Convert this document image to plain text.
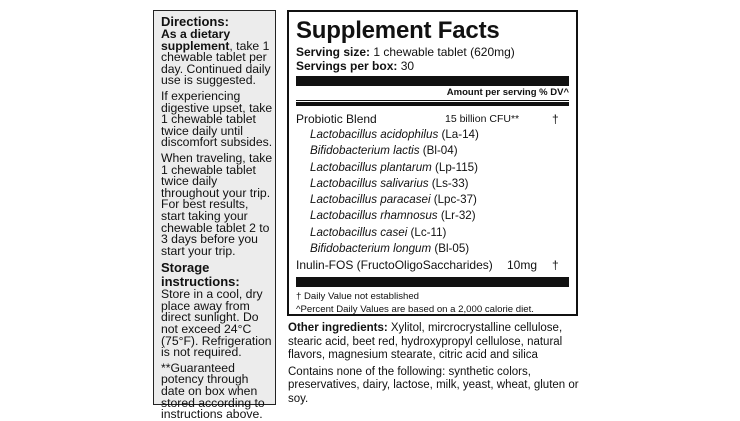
Directions:

As a dietary supplement, take 1 chewable tablet per day. Continued daily use is suggested.

If experiencing digestive upset, take 1 chewable tablet twice daily until discomfort subsides.

When traveling, take 1 chewable tablet twice daily throughout your trip. For best results, start taking your chewable tablet 2 to 3 days before you start your trip.

Storage instructions:

Store in a cool, dry place away from direct sunlight. Do not exceed 24°C (75°F). Refrigeration is not required.

**Guaranteed potency through date on box when stored according to instructions above.

Supplement Facts
Serving size: 1 chewable tablet (620mg)
Servings per box: 30
Amount per serving % DV^
Probiotic Blend	15 billion CFU**	†
Lactobacillus acidophilus (La-14)
Bifidobacterium lactis (Bl-04)
Lactobacillus plantarum (Lp-115)
Lactobacillus salivarius (Ls-33)
Lactobacillus paracasei (Lpc-37)
Lactobacillus rhamnosus (Lr-32)
Lactobacillus casei (Lc-11)
Bifidobacterium longum (Bl-05)
Inulin-FOS (FructoOligoSaccharides) 10mg †
† Daily Value not established
^Percent Daily Values are based on a 2,000 calorie diet.

Other ingredients: Xylitol, mircrocrystalline cellulose, stearic acid, beet red, hydroxypropyl cellulose, natural flavors, magnesium stearate, citric acid and silica

Contains none of the following: synthetic colors, preservatives, dairy, lactose, milk, yeast, wheat, gluten or soy.
